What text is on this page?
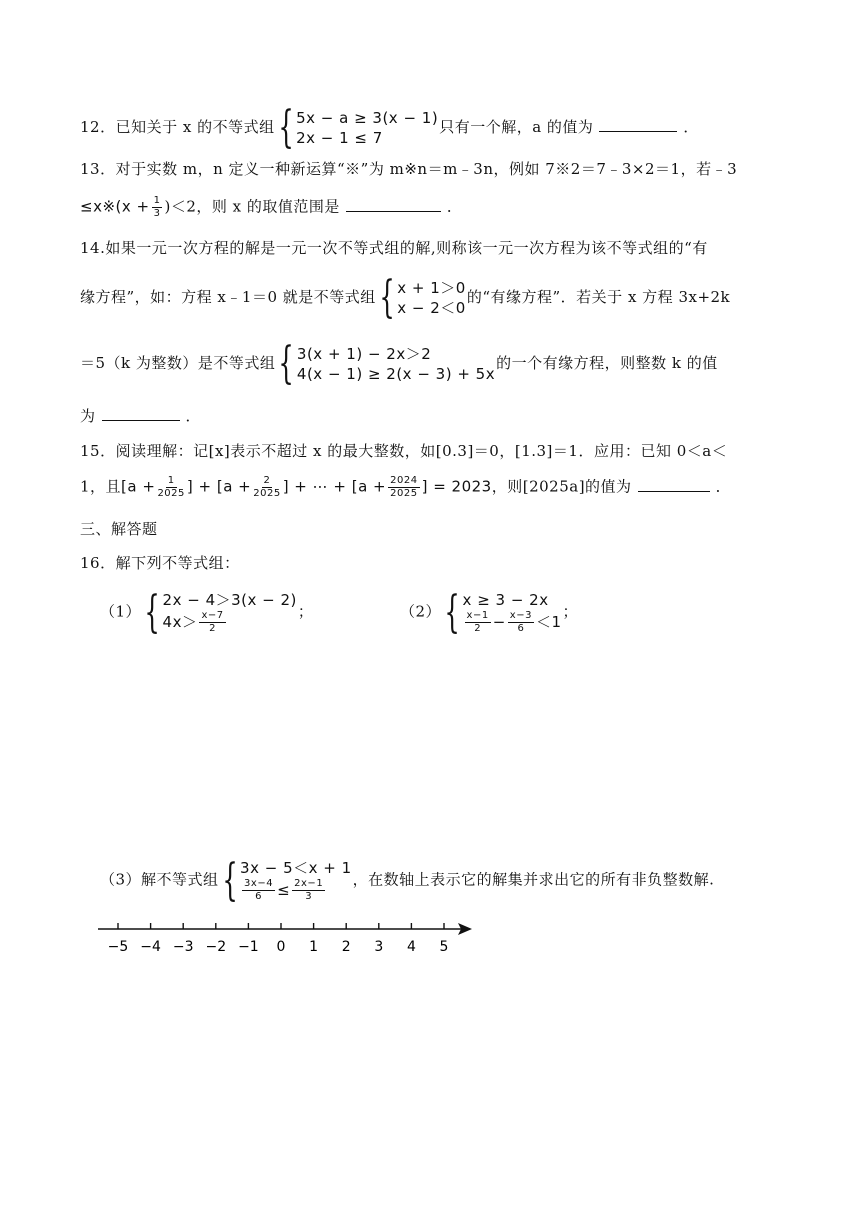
12．已知关于 x 的不等式组 { 5x − a ≥ 3(x − 1)
2x − 1 ≤ 7
只有一个解，a 的值为	．
13．对于实数 m，n 定义一种新运算“※”为 m※n＝m﹣3n，例如 7※2＝7﹣3×2＝1，若﹣3
≤x※(x + $\frac{1}{3} )<2$，则 x 的取值范围是	．
14.如果一元一次方程的解是一元一次不等式组的解,则称该一元一次方程为该不等式组的“有
缘方程”，如：方程 x﹣1＝0 就是不等式组 { x + 1＞0
x − 2＜0
的“有缘方程”．若关于 x 方程 3x+2k
＝5（k 为整数）是不等式组 { 3(x + 1) − 2x＞2
4(x − 1) ≥ 2(x − 3) + 5x
的一个有缘方程，则整数 k 的值
为	．
15．阅读理解：记[x]表示不超过 x 的最大整数，如[0.3]＝0，[1.3]＝1．应用：已知 0＜a＜
1，且[$a + \frac{1}{2025}$ ] + [$a + \frac{2}{2025}$ ] + ⋯ + [$a + \frac{2024}{2025}$ ] = 2023，则[2025a]的值为	．
三、解答题
16．解下列不等式组：
（1） { 2x − 4＞3(x − 2)
$4x> \frac{x-7}{2}$	；	（2） { x ≥ 3 − 2x
$\frac{x-1}{2} - \frac{x-3}{6} <1$
；
（3）解不等式组 { 3x − 5＜x + 1
$\frac{3x-4}{6} \le \frac{2x-1}{3}$ ，在数轴上表示它的解集并求出它的所有非负整数解.
−5 −4 −3 −2 −1 0 1 2 3 4 5
